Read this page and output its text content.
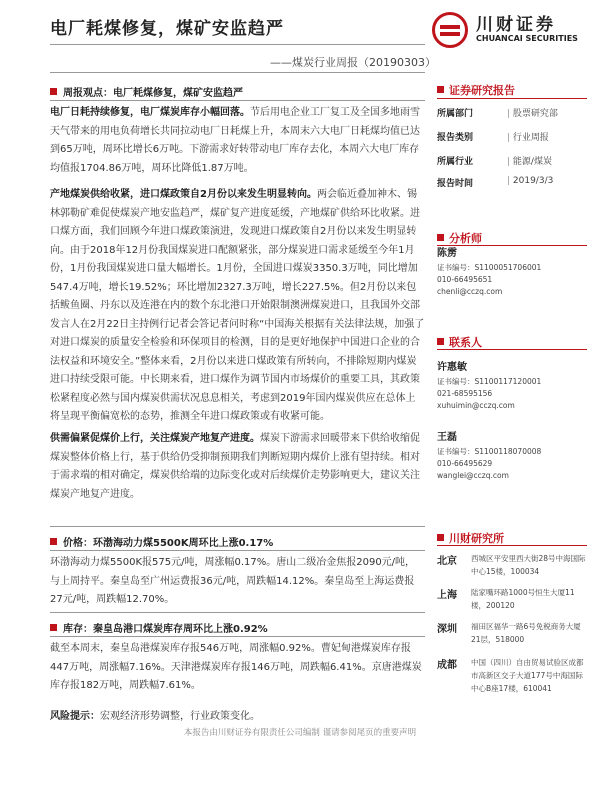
电厂耗煤修复，煤矿安监趋严
——煤炭行业周报（20190303）
川财证券
CHUANCAI SECURITIES
周报观点：电厂耗煤修复，煤矿安监趋严
电厂日耗持续修复，电厂煤炭库存小幅回落。节后用电企业工厂复工及全国多地雨雪天气带来的用电负荷增长共同拉动电厂日耗煤上升，本周末六大电厂日耗煤均值已达到65万吨，周环比增长6万吨。下游需求好转带动电厂库存去化，本周六大电厂库存均值报1704.86万吨，周环比降低1.87万吨。
产地煤炭供给收紧，进口煤政策自2月份以来发生明显转向。两会临近叠加神木、锡林郭勒矿难促使煤炭产地安监趋严，煤矿复产进度延缓，产地煤矿供给环比收紧。进口煤方面，我们回顾今年进口煤政策演进，发现进口煤政策自2月份以来发生明显转向。由于2018年12月份我国煤炭进口配额紧张，部分煤炭进口需求延缓至今年1月份，1月份我国煤炭进口量大幅增长。1月份，全国进口煤炭3350.3万吨，同比增加547.4万吨，增长19.52%；环比增加2327.3万吨，增长227.5%。但2月份以来包括鲅鱼圈、丹东以及连港在内的数个东北港口开始限制澳洲煤炭进口，且我国外交部发言人在2月22日主持例行记者会答记者问时称“中国海关根据有关法律法规，加强了对进口煤炭的质量安全检验和环保项目的检测，目的是更好地保护中国进口企业的合法权益和环境安全。”整体来看，2月份以来进口煤政策有所转向，不排除短期内煤炭进口持续受限可能。中长期来看，进口煤作为调节国内市场煤价的重要工具，其政策松紧程度必然与国内煤炭供需状况息息相关，考虑到2019年国内煤炭供应在总体上将呈现平衡偏宽松的态势，推测全年进口煤政策或有收紧可能。
供需偏紧促煤价上行，关注煤炭产地复产进度。煤炭下游需求回暖带来下供给收缩促煤炭整体价格上行，基于供给仍受抑制预期我们判断短期内煤价上涨有望持续。相对于需求端的相对确定，煤炭供给端的边际变化或对后续煤价走势影响更大，建议关注煤炭产地复产进度。
价格：环渤海动力煤5500K周环比上涨0.17%
环渤海动力煤5500K报575元/吨，周涨幅0.17%。唐山二级冶金焦报2090元/吨，与上周持平。秦皇岛至广州运费报36元/吨，周跌幅14.12%。秦皇岛至上海运费报27元/吨，周跌幅12.70%。
库存：秦皇岛港口煤炭库存周环比上涨0.92%
截至本周末，秦皇岛港煤炭库存报546万吨，周涨幅0.92%。曹妃甸港煤炭库存报447万吨，周涨幅7.16%。天津港煤炭库存报146万吨，周跌幅6.41%。京唐港煤炭库存报182万吨，周跌幅7.61%。
风险提示：宏观经济形势调整，行业政策变化。
证券研究报告
所属部门	| 股票研究部
报告类别	| 行业周报
所属行业	| 能源/煤炭
报告时间	| 2019/3/3
分析师
陈雳
证书编号：S1100051706001
010-66495651
chenli@cczq.com
联系人
许惠敏
证书编号：S1100117120001
021-68595156
xuhuimin@cczq.com
王磊
证书编号：S1100118070008
010-66495629
wanglei@cczq.com
川财研究所
北京 西城区平安里西大街28号中海国际中心15楼，100034
上海 陆家嘴环路1000号恒生大厦11楼，200120
深圳 福田区福华一路6号免税商务大厦21层，518000
成都 中国（四川）自由贸易试验区成都市高新区交子大道177号中海国际中心B座17楼，610041
本报告由川财证券有限责任公司编制 谨请参阅尾页的重要声明
